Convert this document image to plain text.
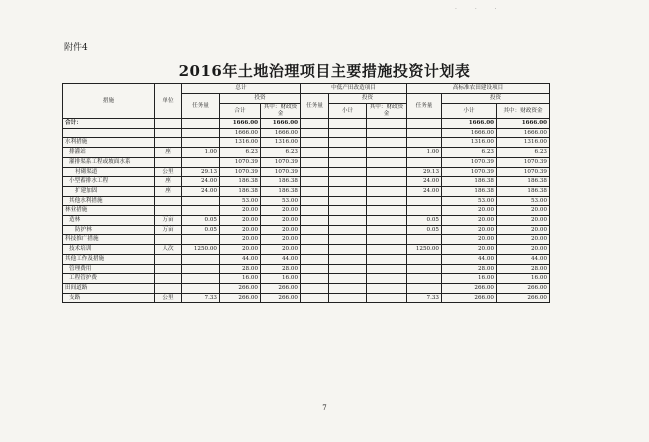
· · ·
附件4
2016年土地治理项目主要措施投资计划表
措施	单位	总计			中低产田改造项目			高标准农田建设项目		
		任务量	投资		任务量	投资		任务量	投资	
			合计	其中：财政资金		小计	其中：财政资金		小计	其中：财政资金
合计：			1666.00	1666.00					1666.00	1666.00
			1666.00	1666.00					1666.00	1666.00
水利措施			1316.00	1316.00					1316.00	1316.00
排灌站	座	1.00	6.23	6.23				1.00	6.23	6.23
灌排渠系工程或坡面水系			1070.39	1070.39					1070.39	1070.39
衬砌渠道	公里	29.13	1070.39	1070.39				29.13	1070.39	1070.39
小型蓄排水工程	座	24.00	186.38	186.38				24.00	186.38	186.38
扩建加固	座	24.00	186.38	186.38				24.00	186.38	186.38
其他水利措施			53.00	53.00					53.00	53.00
林业措施			20.00	20.00					20.00	20.00
造林	万亩	0.05	20.00	20.00				0.05	20.00	20.00
防护林	万亩	0.05	20.00	20.00				0.05	20.00	20.00
科技推广措施			20.00	20.00					20.00	20.00
技术培训	人次	1250.00	20.00	20.00				1250.00	20.00	20.00
其他工作及措施			44.00	44.00					44.00	44.00
管理费用			28.00	28.00					28.00	28.00
工程管护费			16.00	16.00					16.00	16.00
田间道路			266.00	266.00					266.00	266.00
支路	公里	7.33	266.00	266.00				7.33	266.00	266.00
7
